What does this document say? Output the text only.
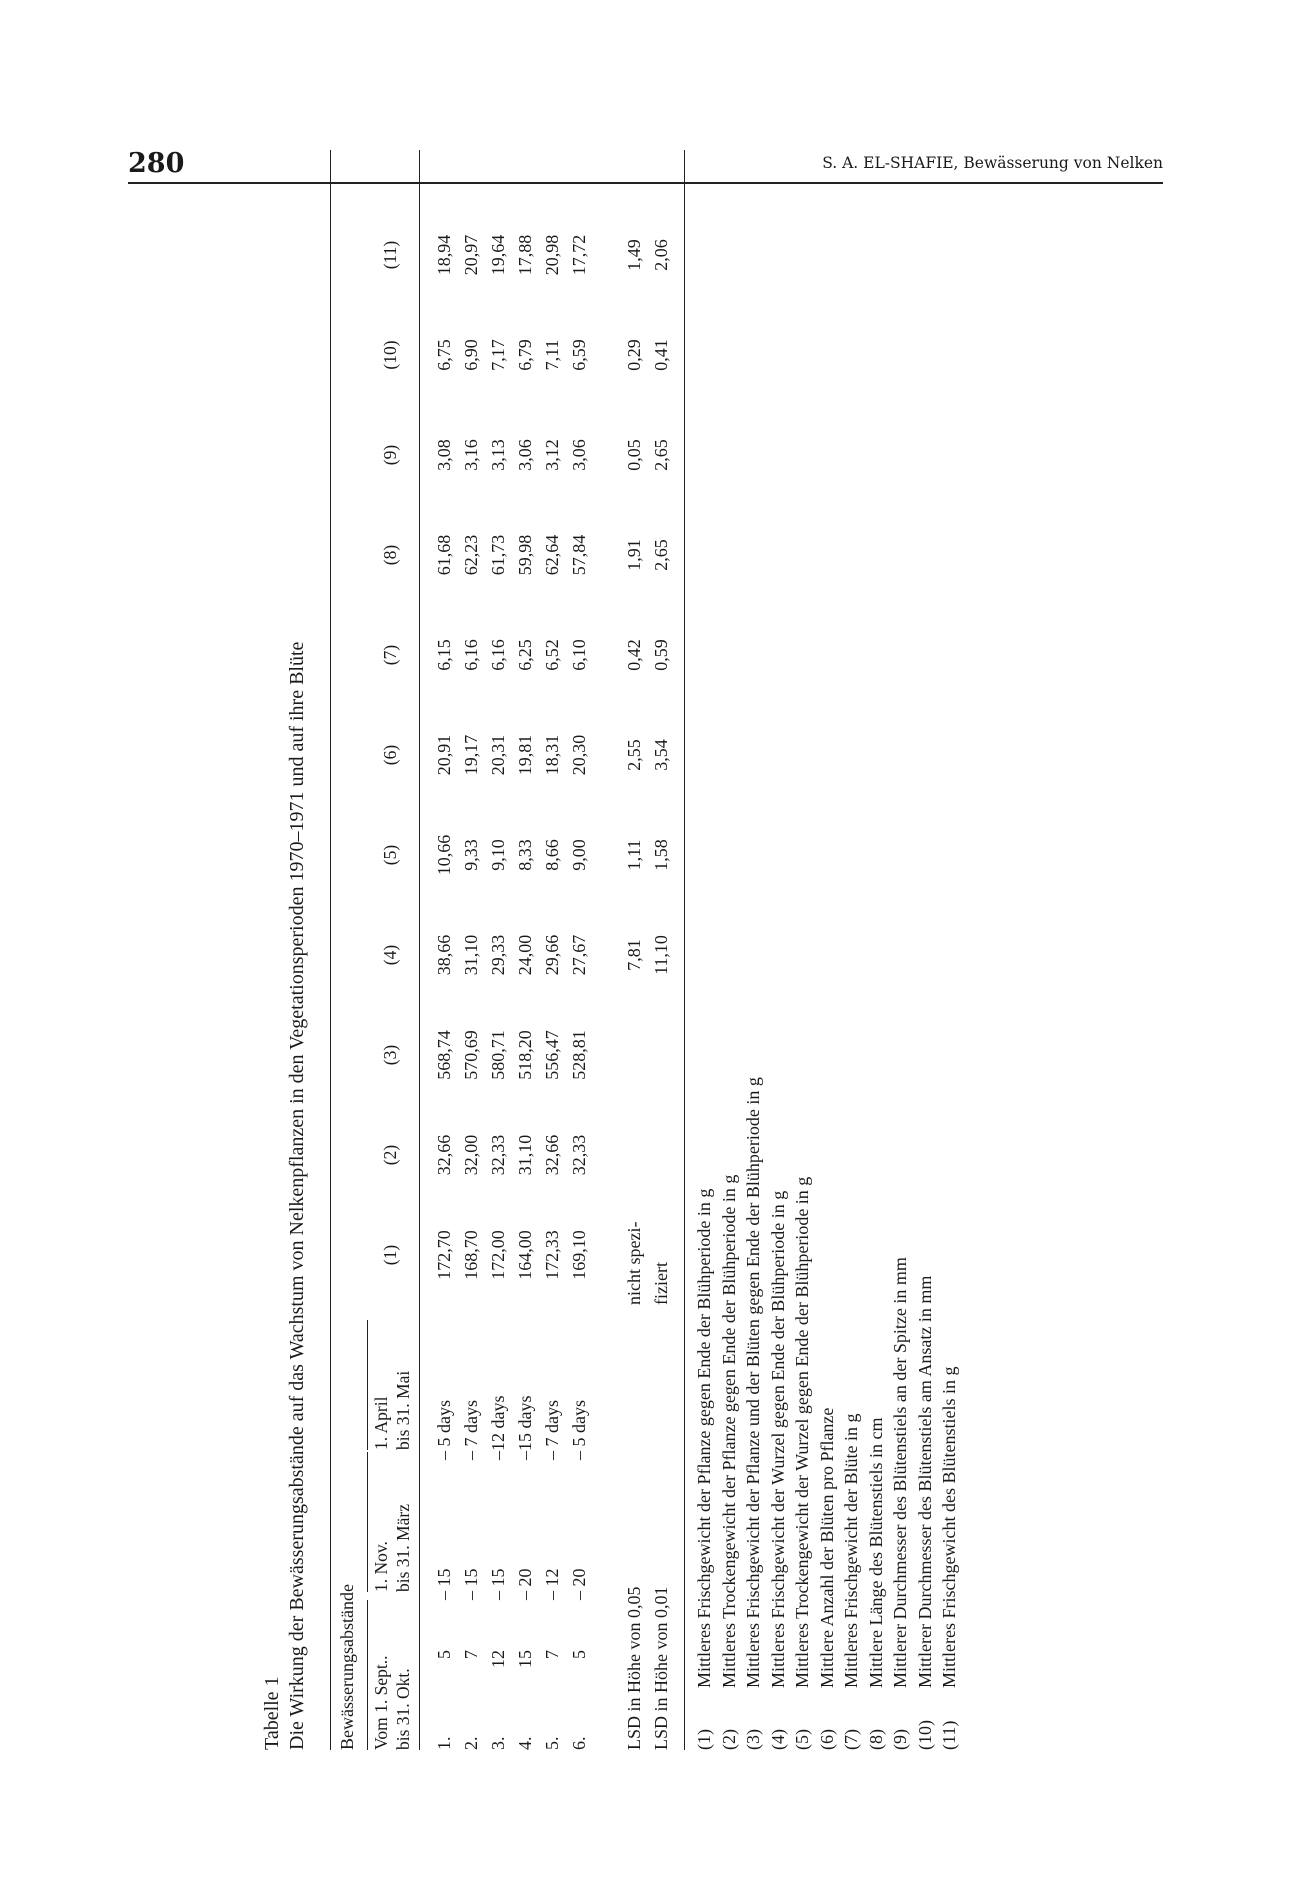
280	S. A. EL-SHAFIE, Bewässerung von Nelken
Tabelle 1 Die Wirkung der Bewässerungsabstände auf das Wachstum von Nelkenpflanzen in den Vegetationsperioden 1970–1971 und auf ihre Blüte Bewässerungsabstände Vom 1. Sept.. bis 31. Okt.
1. Nov. bis 31. März
1. April bis 31. Mai
(1)
(2)
(3)
(4)
(5)
(6)
(7)
(8)
(9)
(10)
(11)
1.
5
– 15
– 5 days
172,70
32,66
568,74
38,66
10,66
20,91
6,15
61,68
3,08
6,75
18,94
2.
7
– 15
– 7 days
168,70
32,00
570,69
31,10
9,33
19,17
6,16
62,23
3,16
6,90
20,97
3.
12
– 15
–12 days
172,00
32,33
580,71
29,33
9,10
20,31
6,16
61,73
3,13
7,17
19,64
4.
15
– 20
–15 days
164,00
31,10
518,20
24,00
8,33
19,81
6,25
59,98
3,06
6,79
17,88
5.
7
– 12
– 7 days
172,33
32,66
556,47
29,66
8,66
18,31
6,52
62,64
3,12
7,11
20,98
6.
5
– 20
– 5 days
169,10
32,33
528,81
27,67
9,00
20,30
6,10
57,84
3,06
6,59
17,72
LSD in Höhe von 0,05
nicht spezi-
7,81
1,11
2,55
0,42
1,91
0,05
0,29
1,49
LSD in Höhe von 0,01
fiziert
11,10
1,58
3,54
0,59
2,65
2,65
0,41
2,06
(1)
Mittleres Frischgewicht der Pflanze gegen Ende der Blühperiode in g
(2)
Mittleres Trockengewicht der Pflanze gegen Ende der Blühperiode in g
(3)
Mittleres Frischgewicht der Pflanze und der Blüten gegen Ende der Blühperiode in g
(4)
Mittleres Frischgewicht der Wurzel gegen Ende der Blühperiode in g
(5)
Mittleres Trockengewicht der Wurzel gegen Ende der Blühperiode in g
(6)
Mittlere Anzahl der Blüten pro Pflanze
(7)
Mittleres Frischgewicht der Blüte in g
(8)
Mittlere Länge des Blütenstiels in cm
(9)
Mittlerer Durchmesser des Blütenstiels an der Spitze in mm
(10)
Mittlerer Durchmesser des Blütenstiels am Ansatz in mm
(11)
Mittleres Frischgewicht des Blütenstiels in g
